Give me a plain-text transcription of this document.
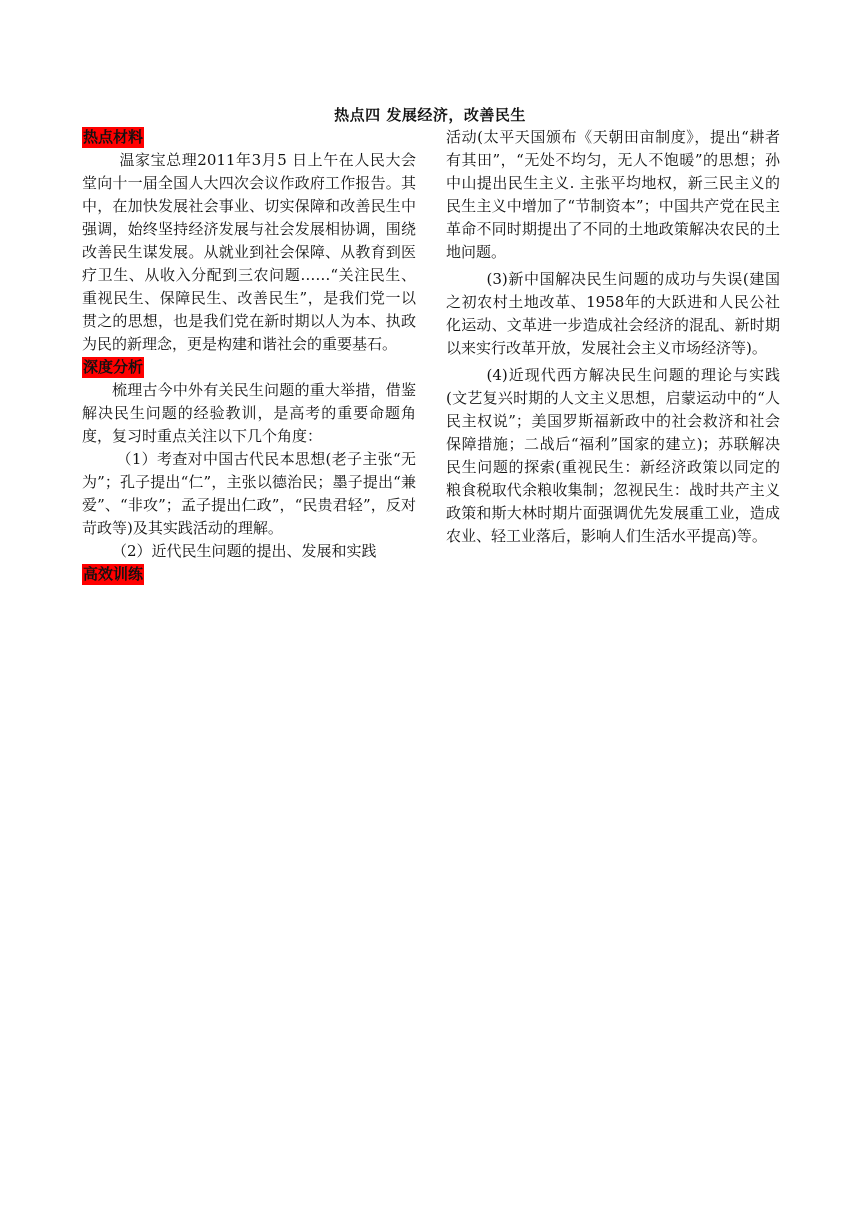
热点四 发展经济，改善民生
热点材料

温家宝总理2011年3月5 日上午在人民大会堂向十一届全国人大四次会议作政府工作报告。其中，在加快发展社会事业、切实保障和改善民生中强调，始终坚持经济发展与社会发展相协调，围绕改善民生谋发展。从就业到社会保障、从教育到医疗卫生、从收入分配到三农问题……“关注民生、重视民生、保障民生、改善民生”，是我们党一以贯之的思想，也是我们党在新时期以人为本、执政为民的新理念，更是构建和谐社会的重要基石。

深度分析

梳理古今中外有关民生问题的重大举措，借鉴解决民生问题的经验教训，是高考的重要命题角度，复习时重点关注以下几个角度：

（1）考查对中国古代民本思想(老子主张“无为”；孔子提出“仁”，主张以德治民；墨子提出“兼爱”、“非攻”；孟子提出仁政”，“民贵君轻”，反对苛政等)及其实践活动的理解。

（2）近代民生问题的提出、发展和实践

高效训练

活动(太平天国颁布《天朝田亩制度》，提出“耕者有其田”，“无处不均匀，无人不饱暖”的思想；孙中山提出民生主义. 主张平均地权，新三民主义的民生主义中增加了“节制资本”；中国共产党在民主革命不同时期提出了不同的土地政策解决农民的土地问题。

(3)新中国解决民生问题的成功与失误(建国之初农村土地改革、1958年的大跃进和人民公社化运动、文革进一步造成社会经济的混乱、新时期以来实行改革开放，发展社会主义市场经济等)。

(4)近现代西方解决民生问题的理论与实践(文艺复兴时期的人文主义思想，启蒙运动中的“人民主权说”；美国罗斯福新政中的社会救济和社会保障措施；二战后“福利”国家的建立)；苏联解决民生问题的探索(重视民生：新经济政策以同定的粮食税取代余粮收集制；忽视民生：战时共产主义政策和斯大林时期片面强调优先发展重工业，造成农业、轻工业落后，影响人们生活水平提高)等。
